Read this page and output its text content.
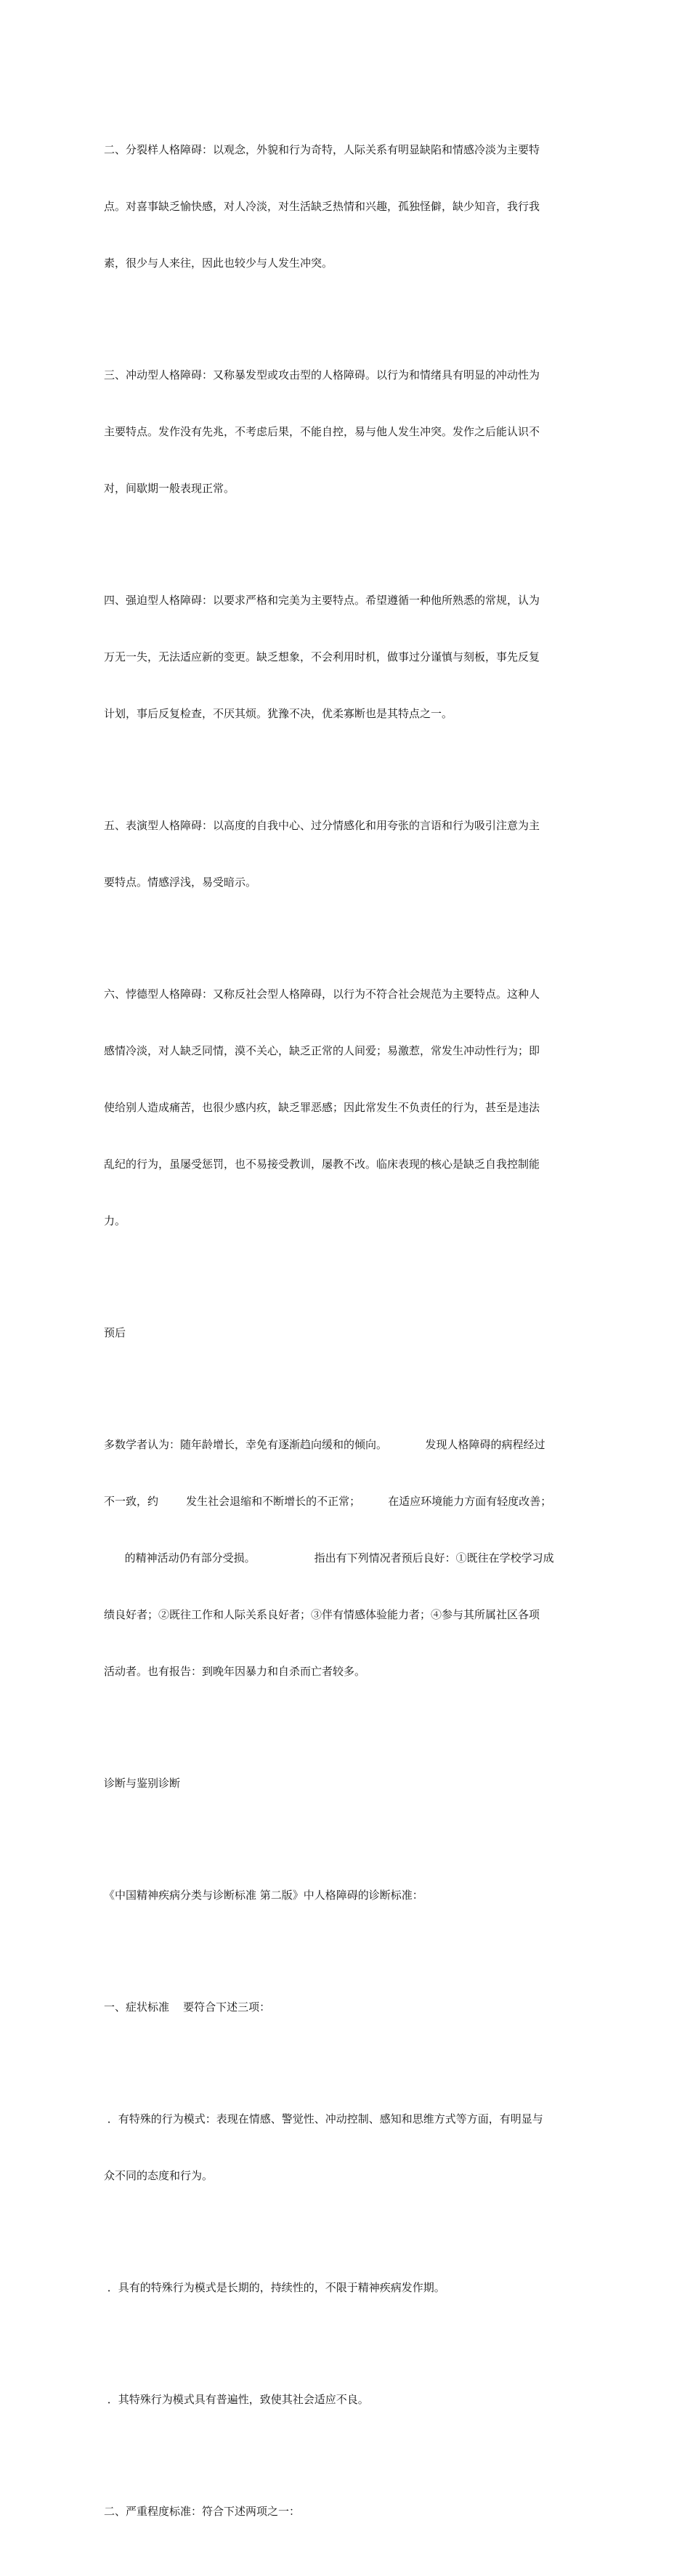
二、分裂样人格障碍：以观念，外貌和行为奇特，人际关系有明显缺陷和情感冷淡为主要特

点。对喜事缺乏愉快感，对人冷淡，对生活缺乏热情和兴趣，孤独怪僻，缺少知音，我行我

素，很少与人来往，因此也较少与人发生冲突。

三、冲动型人格障碍：又称暴发型或攻击型的人格障碍。以行为和情绪具有明显的冲动性为

主要特点。发作没有先兆，不考虑后果，不能自控，易与他人发生冲突。发作之后能认识不

对，间歇期一般表现正常。

四、强迫型人格障碍：以要求严格和完美为主要特点。希望遵循一种他所熟悉的常规，认为

万无一失，无法适应新的变更。缺乏想象，不会利用时机，做事过分谨慎与刻板，事先反复

计划，事后反复检查，不厌其烦。犹豫不决，优柔寡断也是其特点之一。

五、表演型人格障碍：以高度的自我中心、过分情感化和用夸张的言语和行为吸引注意为主

要特点。情感浮浅，易受暗示。

六、悖德型人格障碍：又称反社会型人格障碍，以行为不符合社会规范为主要特点。这种人

感情冷淡，对人缺乏同情，漠不关心，缺乏正常的人间爱；易激惹，常发生冲动性行为；即

使给别人造成痛苦，也很少感内疚，缺乏罪恶感；因此常发生不负责任的行为，甚至是违法

乱纪的行为，虽屡受惩罚，也不易接受教训，屡教不改。临床表现的核心是缺乏自我控制能

力。

预后

多数学者认为：随年龄增长，幸免有逐渐趋向缓和的倾向。           发现人格障碍的病程经过

不一致，约        发生社会退缩和不断增长的不正常；        在适应环境能力方面有轻度改善；

的精神活动仍有部分受损。                 指出有下列情况者预后良好：①既往在学校学习成

绩良好者；②既往工作和人际关系良好者；③伴有情感体验能力者；④参与其所属社区各项

活动者。也有报告：到晚年因暴力和自杀而亡者较多。

诊断与鉴别诊断

《中国精神疾病分类与诊断标准 第二版》中人格障碍的诊断标准：

一、症状标准    要符合下述三项：

．有特殊的行为模式：表现在情感、警觉性、冲动控制、感知和思维方式等方面，有明显与

众不同的态度和行为。

．具有的特殊行为模式是长期的，持续性的，不限于精神疾病发作期。

．其特殊行为模式具有普遍性，致使其社会适应不良。

二、严重程度标准：符合下述两项之一：
